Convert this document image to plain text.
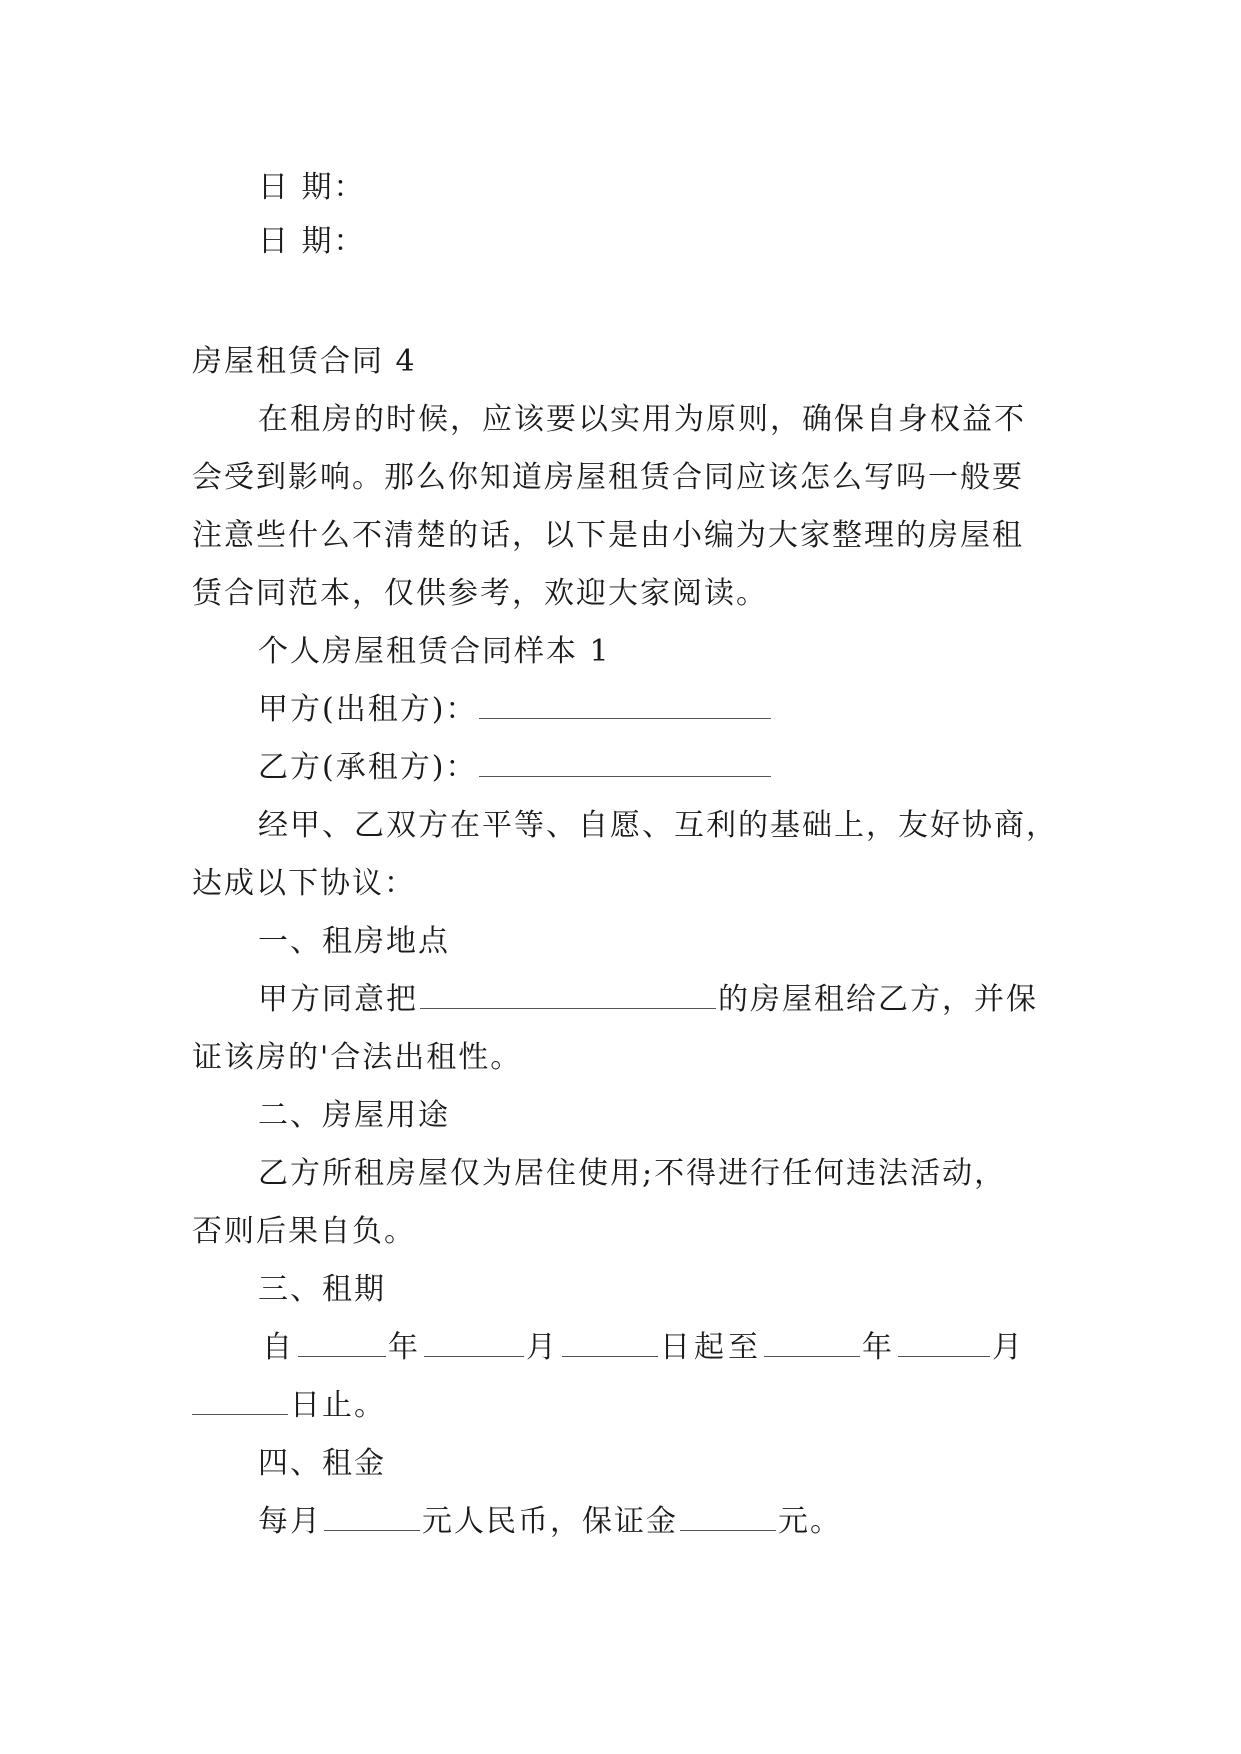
日 期：
日 期：
房屋租赁合同 4
在租房的时候，应该要以实用为原则，确保自身权益不
会受到影响。那么你知道房屋租赁合同应该怎么写吗一般要
注意些什么不清楚的话，以下是由小编为大家整理的房屋租
赁合同范本，仅供参考，欢迎大家阅读。
个人房屋租赁合同样本 1
甲方(出租方)：
乙方(承租方)：
经甲、乙双方在平等、自愿、互利的基础上，友好协商，
达成以下协议：
一、租房地点
甲方同意把	的房屋租给乙方，并保
证该房的'合法出租性。
二、房屋用途
乙方所租房屋仅为居住使用;不得进行任何违法活动，
否则后果自负。
三、租期
自	年	月	日起至	年	月
日止。
四、租金
每月	元人民币，保证金	元。
